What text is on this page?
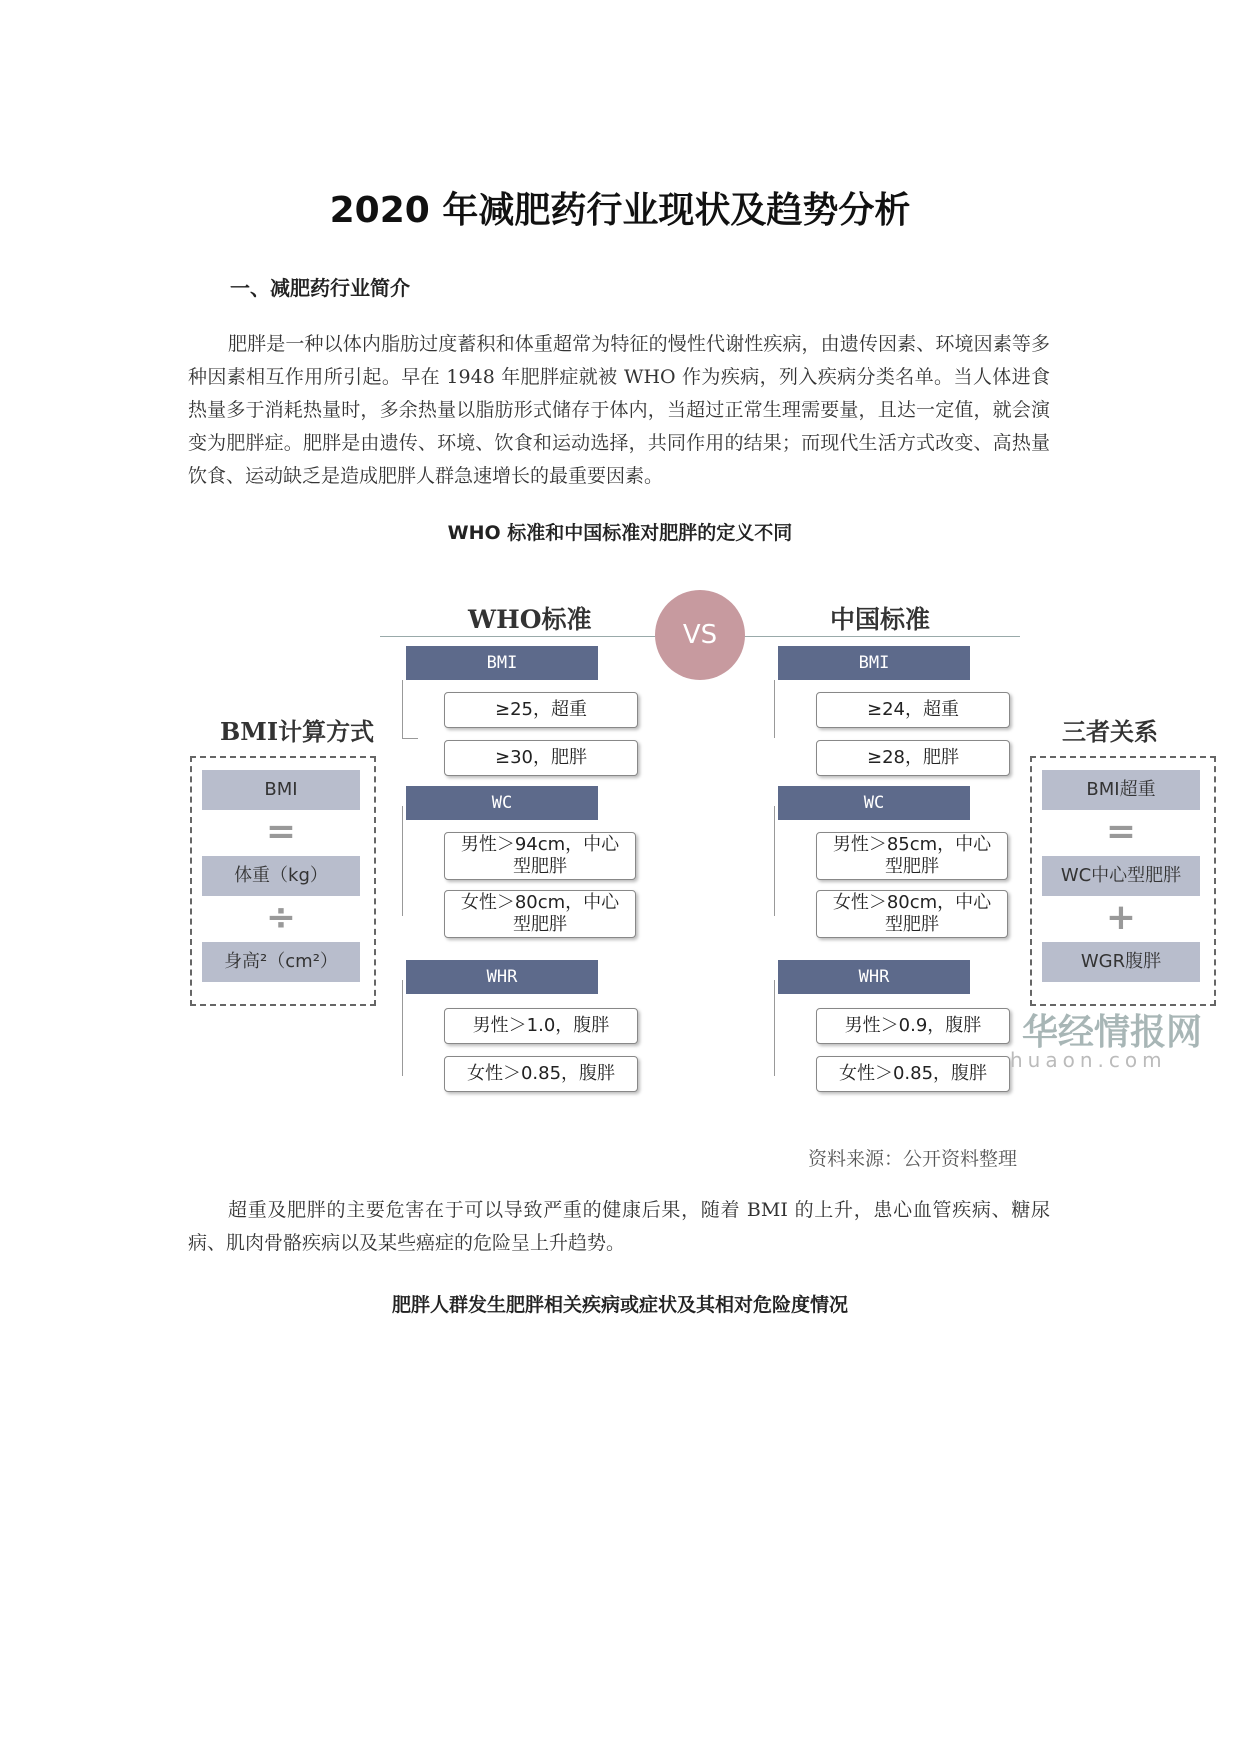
2020 年减肥药行业现状及趋势分析
一、减肥药行业简介

肥胖是一种以体内脂肪过度蓄积和体重超常为特征的慢性代谢性疾病，由遗传因素、环境因素等多种因素相互作用所引起。早在 1948 年肥胖症就被 WHO 作为疾病，列入疾病分类名单。当人体进食热量多于消耗热量时，多余热量以脂肪形式储存于体内，当超过正常生理需要量，且达一定值，就会演变为肥胖症。肥胖是由遗传、环境、饮食和运动选择，共同作用的结果；而现代生活方式改变、高热量饮食、运动缺乏是造成肥胖人群急速增长的最重要因素。

WHO 标准和中国标准对肥胖的定义不同
WHO标准	中国标准
VS
BMI计算方式
BMI
=
体重（kg）
÷
身高²（cm²）
三者关系
BMI超重
=
WC中心型肥胖
+
WGR腹胖
BMI
≥25，超重
≥30，肥胖
WC
男性＞94cm，中心型肥胖
女性＞80cm，中心型肥胖
WHR
男性＞1.0，腹胖
女性＞0.85，腹胖
BMI
≥24，超重
≥28，肥胖
WC
男性＞85cm，中心型肥胖
女性＞80cm，中心型肥胖
WHR
男性＞0.9，腹胖
女性＞0.85，腹胖
华经情报网
huaon.com
资料来源：公开资料整理

超重及肥胖的主要危害在于可以导致严重的健康后果，随着 BMI 的上升，患心血管疾病、糖尿病、肌肉骨骼疾病以及某些癌症的危险呈上升趋势。

肥胖人群发生肥胖相关疾病或症状及其相对危险度情况
